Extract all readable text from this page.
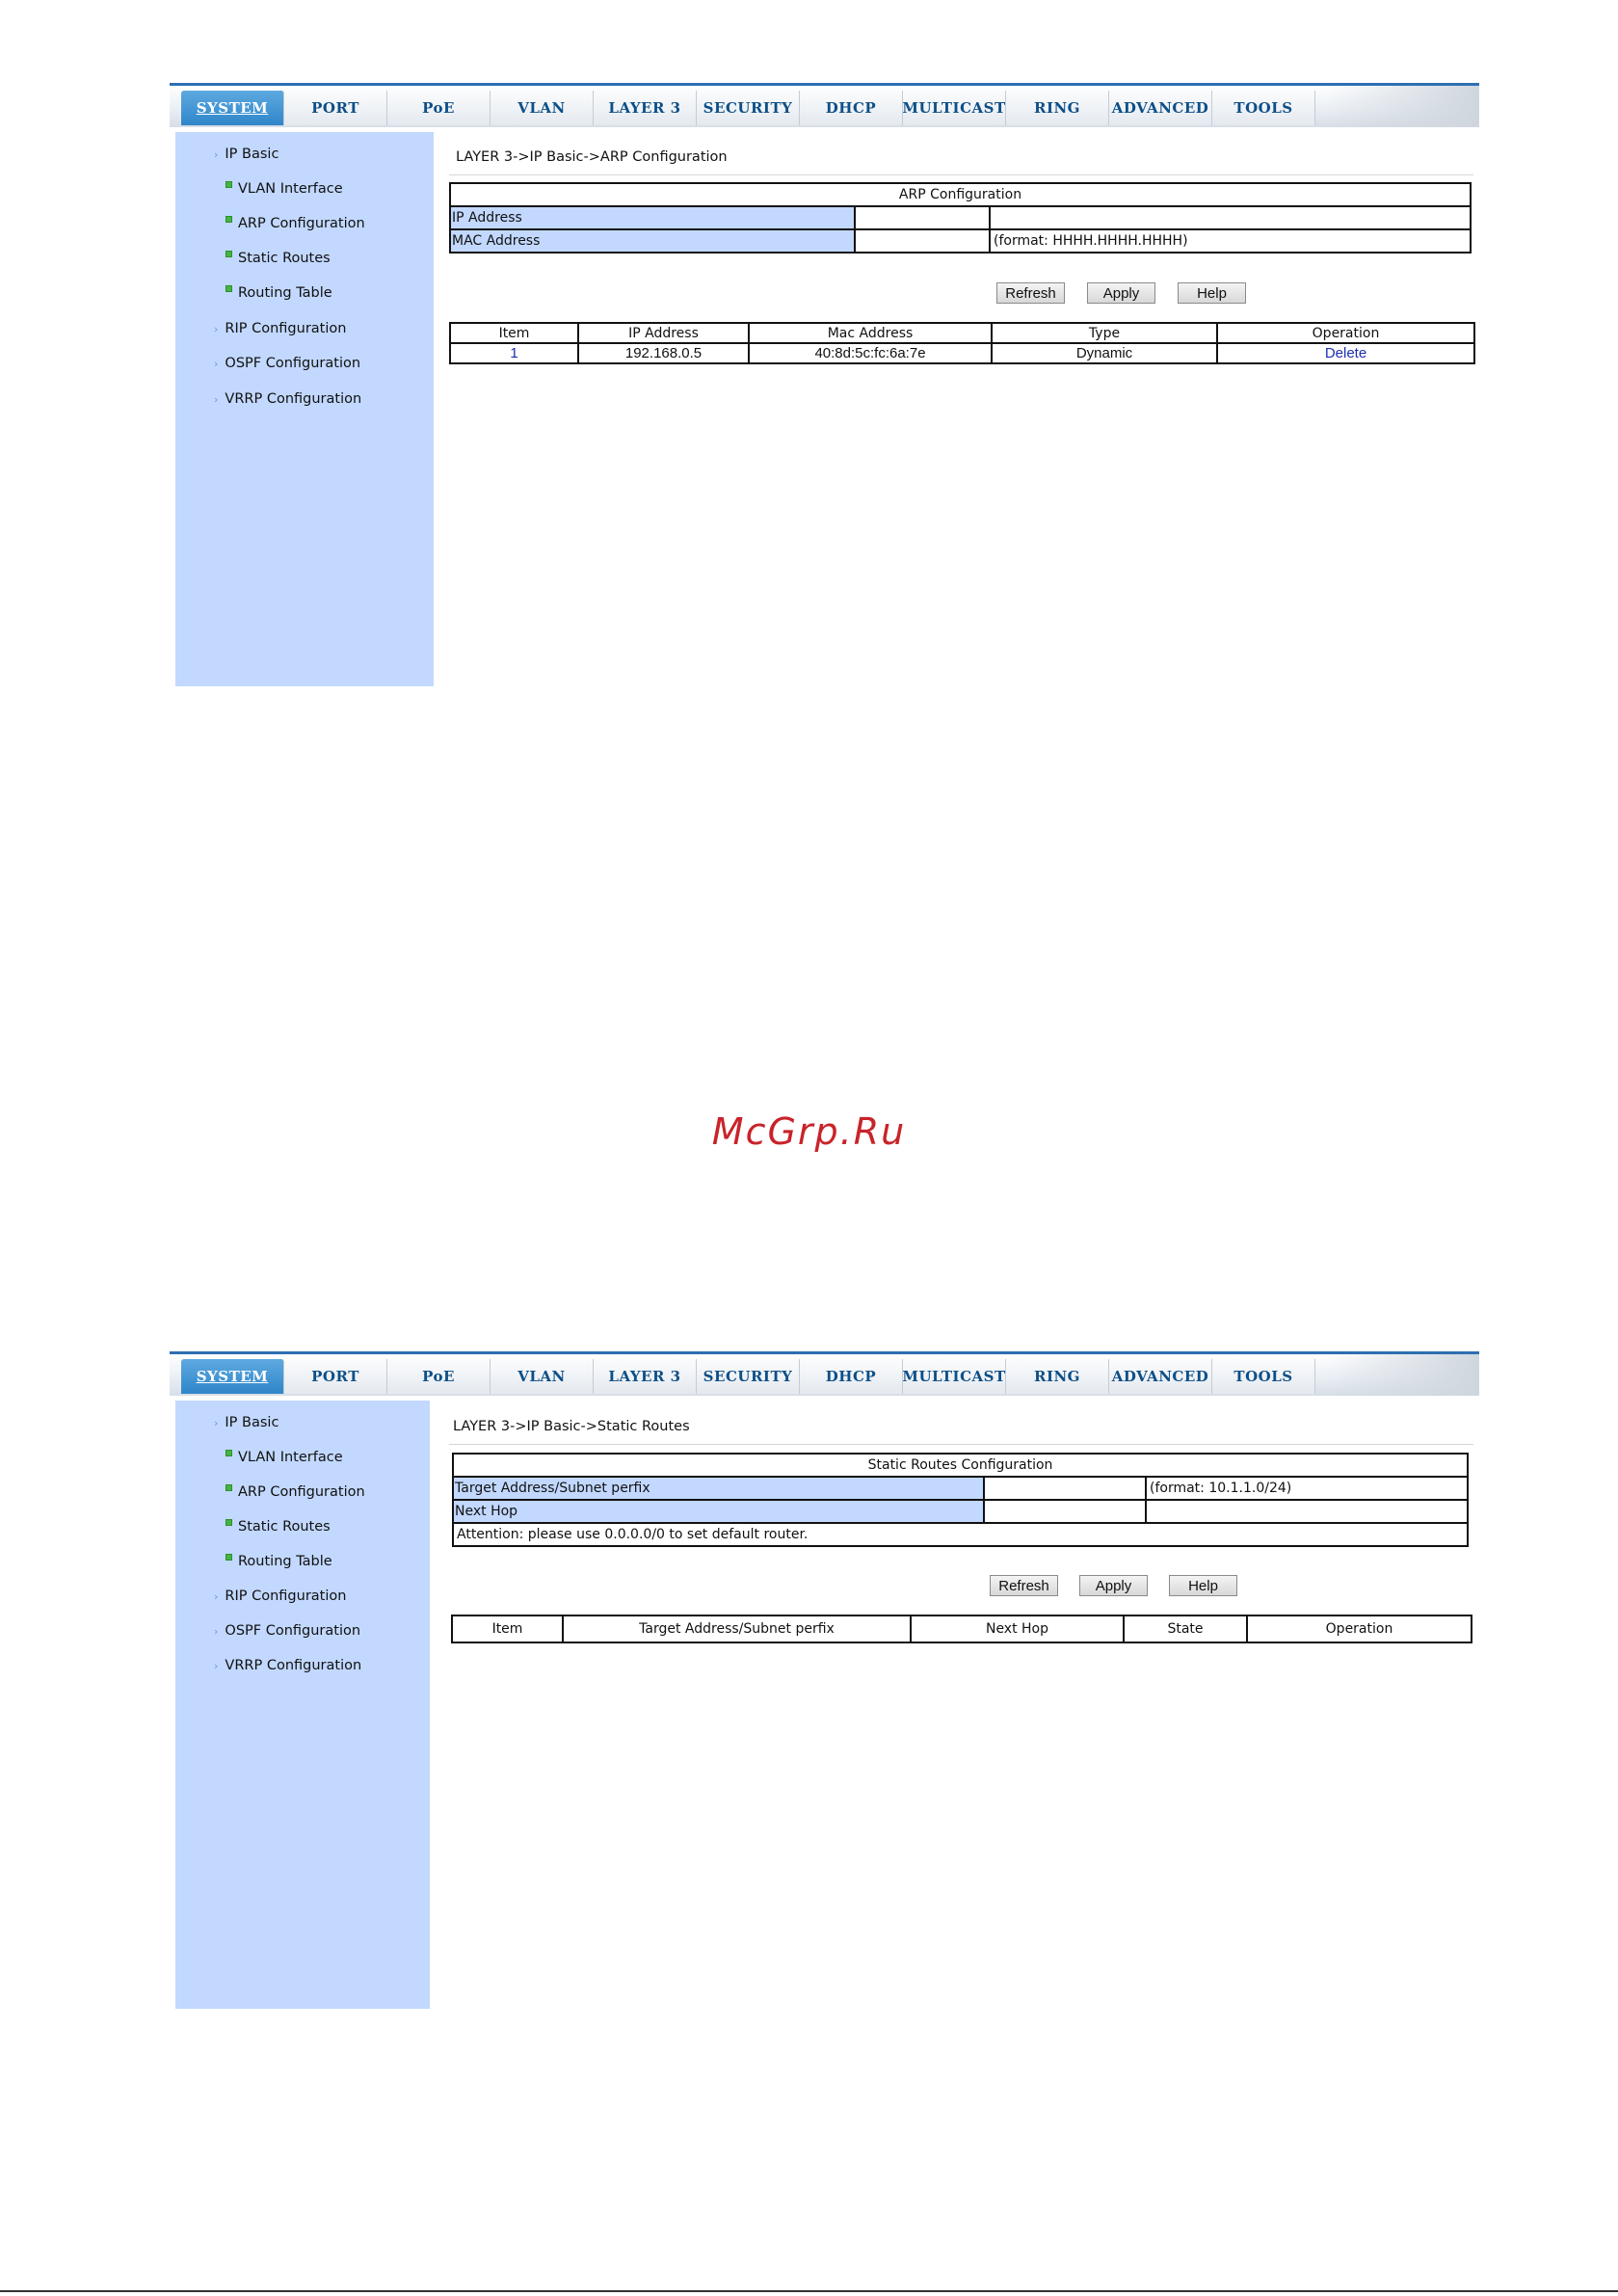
SYSTEM	PORT	PoE	VLAN	LAYER 3	SECURITY	DHCP	MULTICAST	RING	ADVANCED	TOOLS
› IP Basic
VLAN Interface
ARP Configuration
Static Routes
Routing Table
› RIP Configuration
› OSPF Configuration
› VRRP Configuration
LAYER 3->IP Basic->ARP Configuration
ARP Configuration		
IP Address		
MAC Address		(format: HHHH.HHHH.HHHH)
Refresh	Apply	Help
Item	IP Address	Mac Address	Type	Operation
1	192.168.0.5	40:8d:5c:fc:6a:7e	Dynamic	Delete
McGrp.Ru
SYSTEM	PORT	PoE	VLAN	LAYER 3	SECURITY	DHCP	MULTICAST	RING	ADVANCED	TOOLS
› IP Basic
VLAN Interface
ARP Configuration
Static Routes
Routing Table
› RIP Configuration
› OSPF Configuration
› VRRP Configuration
LAYER 3->IP Basic->Static Routes
Static Routes Configuration		
Target Address/Subnet perfix		(format: 10.1.1.0/24)
Next Hop		
Attention: please use 0.0.0.0/0 to set default router.		
Refresh	Apply	Help
Item	Target Address/Subnet perfix	Next Hop	State	Operation
